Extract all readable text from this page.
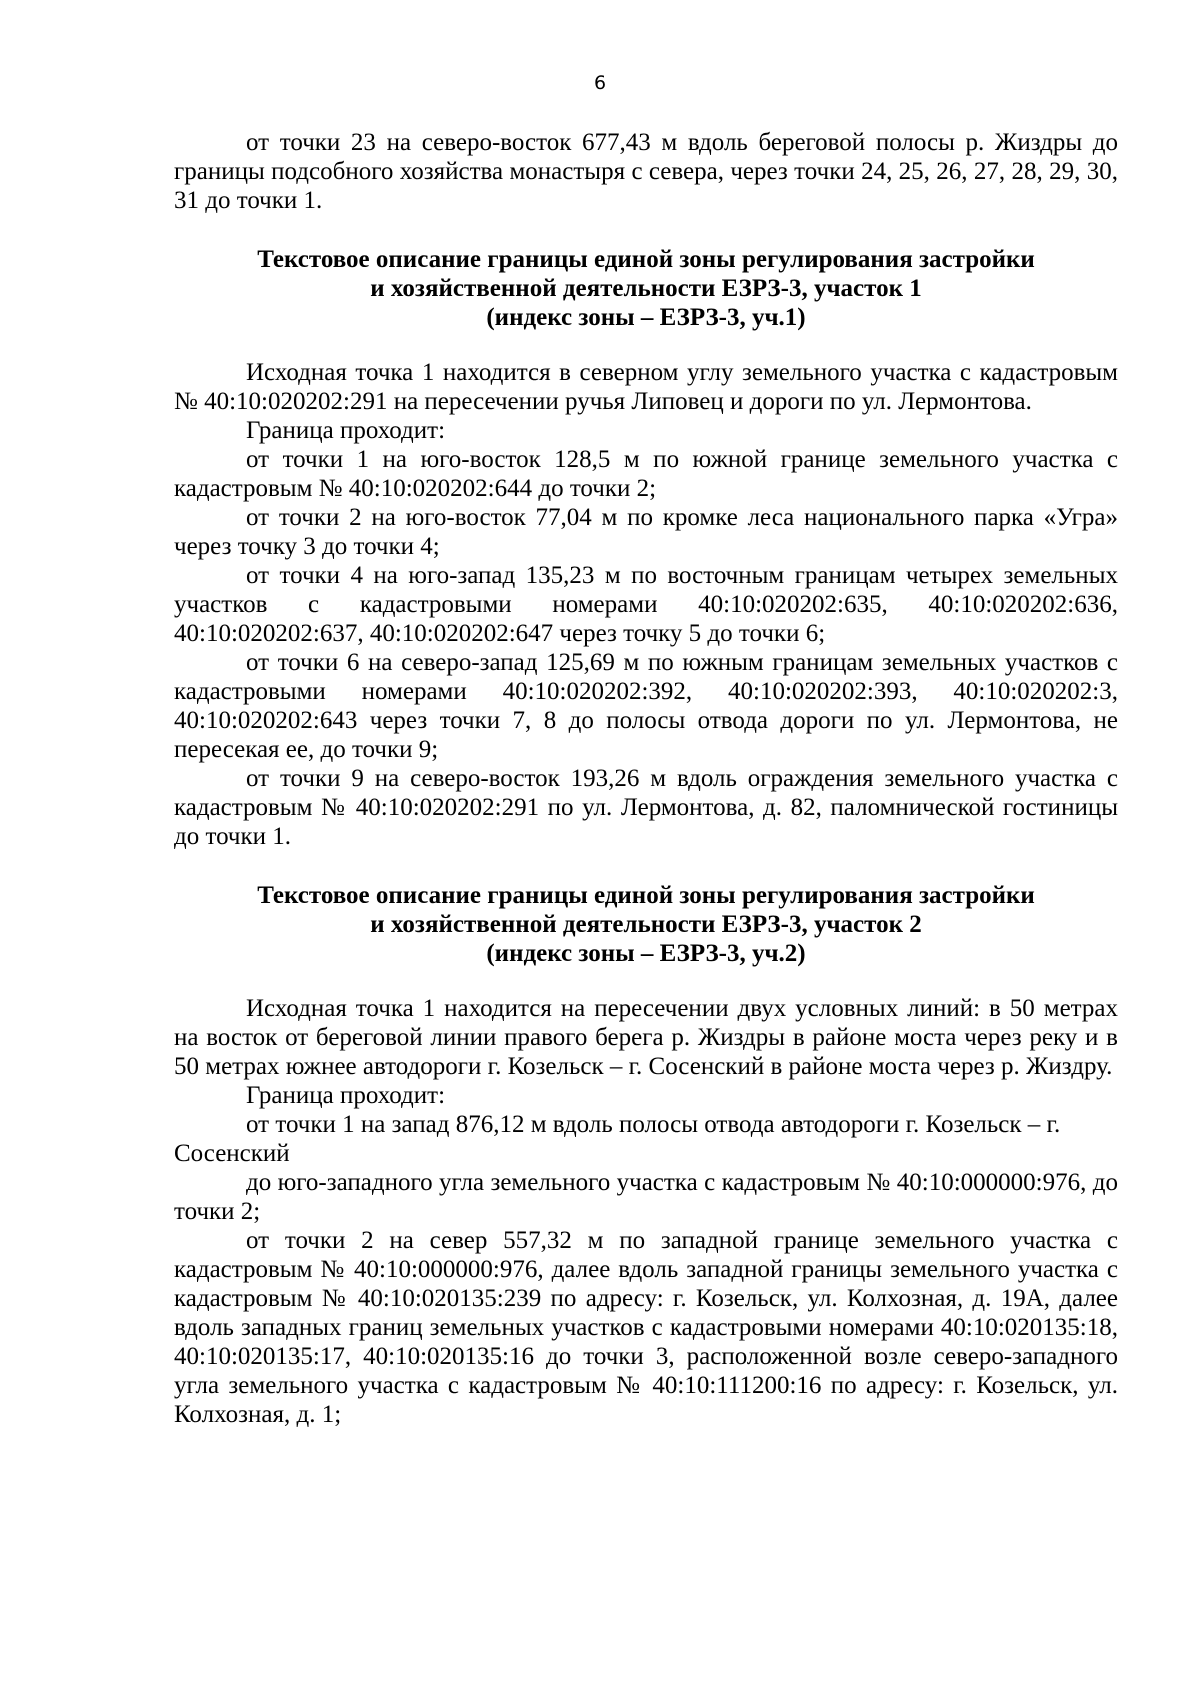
6

от точки 23 на северо-восток 677,43 м вдоль береговой полосы р. Жиздры до границы подсобного хозяйства монастыря с севера, через точки 24, 25, 26, 27, 28, 29, 30, 31 до точки 1.

Текстовое описание границы единой зоны регулирования застройки
и хозяйственной деятельности ЕЗРЗ-3, участок 1
(индекс зоны – ЕЗРЗ-3, уч.1)

Исходная точка 1 находится в северном углу земельного участка с кадастровым № 40:10:020202:291 на пересечении ручья Липовец и дороги по ул. Лермонтова.

Граница проходит:

от точки 1 на юго-восток 128,5 м по южной границе земельного участка с кадастровым № 40:10:020202:644 до точки 2;

от точки 2 на юго-восток 77,04 м по кромке леса национального парка «Угра» через точку 3 до точки 4;

от точки 4 на юго-запад 135,23 м по восточным границам четырех земельных участков с кадастровыми номерами 40:10:020202:635, 40:10:020202:636, 40:10:020202:637, 40:10:020202:647 через точку 5 до точки 6;

от точки 6 на северо-запад 125,69 м по южным границам земельных участков с кадастровыми номерами 40:10:020202:392, 40:10:020202:393, 40:10:020202:3, 40:10:020202:643 через точки 7, 8 до полосы отвода дороги по ул. Лермонтова, не пересекая ее, до точки 9;

от точки 9 на северо-восток 193,26 м вдоль ограждения земельного участка с кадастровым № 40:10:020202:291 по ул. Лермонтова, д. 82, паломнической гостиницы до точки 1.

Текстовое описание границы единой зоны регулирования застройки
и хозяйственной деятельности ЕЗРЗ-3, участок 2
(индекс зоны – ЕЗРЗ-3, уч.2)

Исходная точка 1 находится на пересечении двух условных линий: в 50 метрах на восток от береговой линии правого берега р. Жиздры в районе моста через реку и в 50 метрах южнее автодороги г. Козельск – г. Сосенский в районе моста через р. Жиздру.

Граница проходит:

от точки 1 на запад 876,12 м вдоль полосы отвода автодороги г. Козельск – г. Сосенский

до юго-западного угла земельного участка с кадастровым № 40:10:000000:976, до точки 2;

от точки 2 на север 557,32 м по западной границе земельного участка с кадастровым № 40:10:000000:976, далее вдоль западной границы земельного участка с кадастровым № 40:10:020135:239 по адресу: г. Козельск, ул. Колхозная, д. 19А, далее вдоль западных границ земельных участков с кадастровыми номерами 40:10:020135:18, 40:10:020135:17, 40:10:020135:16 до точки 3, расположенной возле северо-западного угла земельного участка с кадастровым № 40:10:111200:16 по адресу: г. Козельск, ул. Колхозная, д. 1;
